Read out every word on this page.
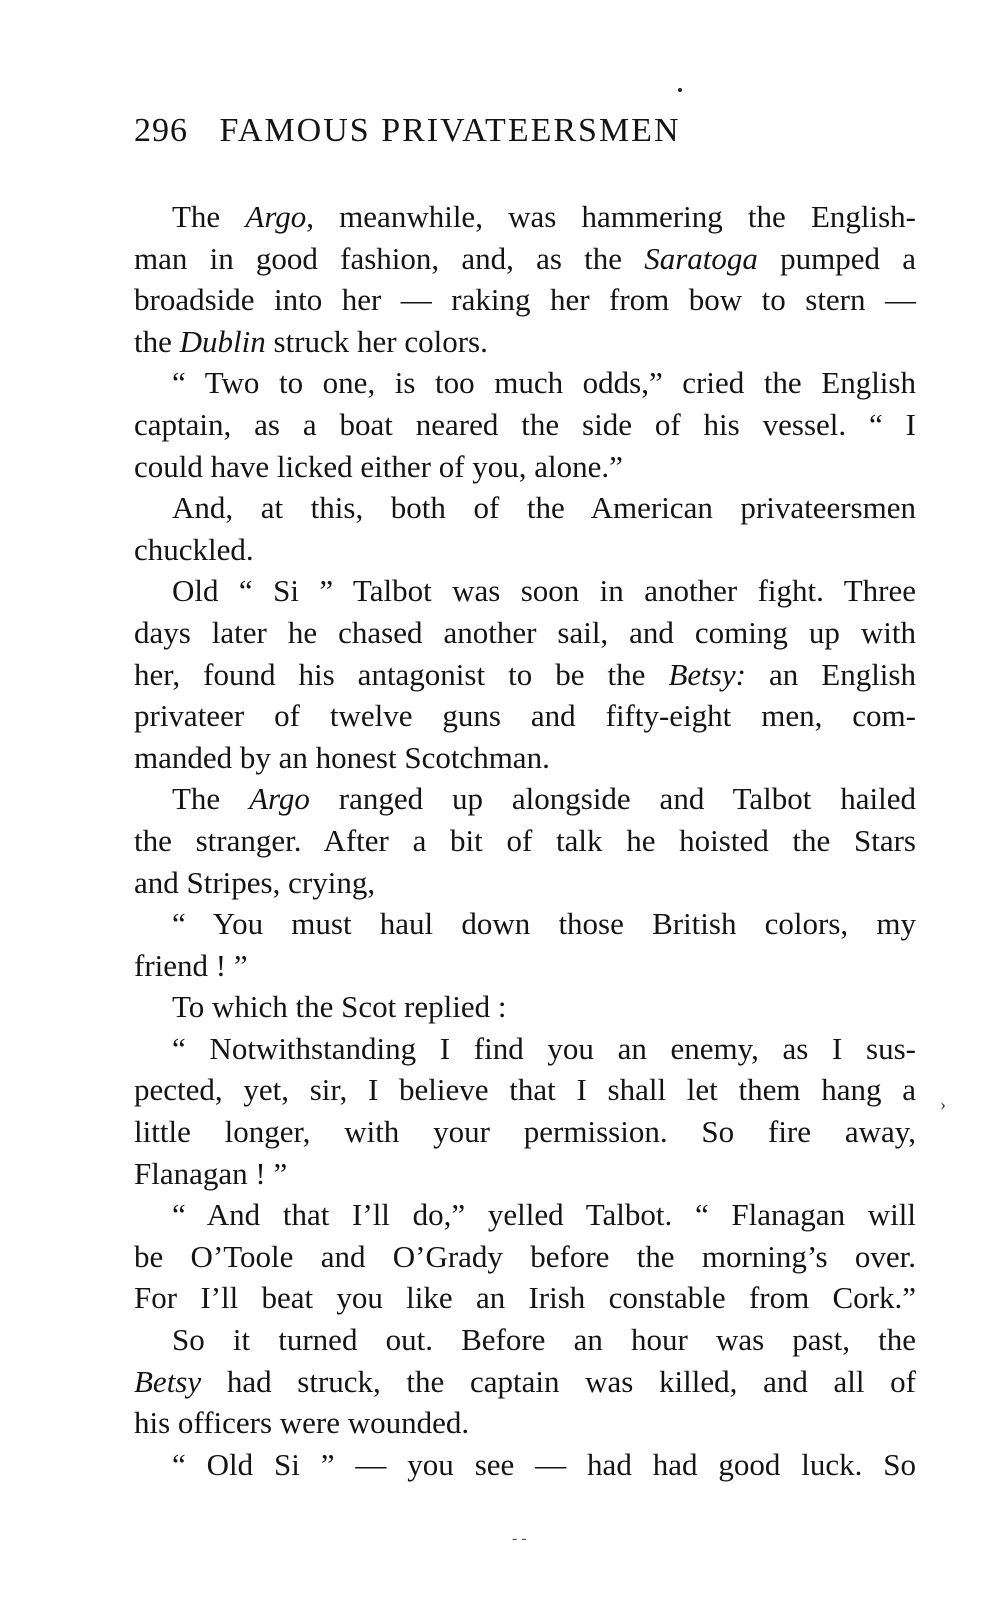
296 FAMOUS PRIVATEERSMEN
The Argo, meanwhile, was hammering the English-
man in good fashion, and, as the Saratoga pumped a
broadside into her — raking her from bow to stern —
the Dublin struck her colors.
“ Two to one, is too much odds,” cried the English
captain, as a boat neared the side of his vessel. “ I
could have licked either of you, alone.”
And, at this, both of the American privateersmen
chuckled.
Old “ Si ” Talbot was soon in another fight. Three
days later he chased another sail, and coming up with
her, found his antagonist to be the Betsy: an English
privateer of twelve guns and fifty-eight men, com-
manded by an honest Scotchman.
The Argo ranged up alongside and Talbot hailed
the stranger. After a bit of talk he hoisted the Stars
and Stripes, crying,
“ You must haul down those British colors, my
friend ! ”
To which the Scot replied :
“ Notwithstanding I find you an enemy, as I sus-
pected, yet, sir, I believe that I shall let them hang a
little longer, with your permission. So fire away,
Flanagan ! ”
“ And that I’ll do,” yelled Talbot. “ Flanagan will
be O’Toole and O’Grady before the morning’s over.
For I’ll beat you like an Irish constable from Cork.”
So it turned out. Before an hour was past, the
Betsy had struck, the captain was killed, and all of
his officers were wounded.
“ Old Si ” — you see — had had good luck. So
›
--
